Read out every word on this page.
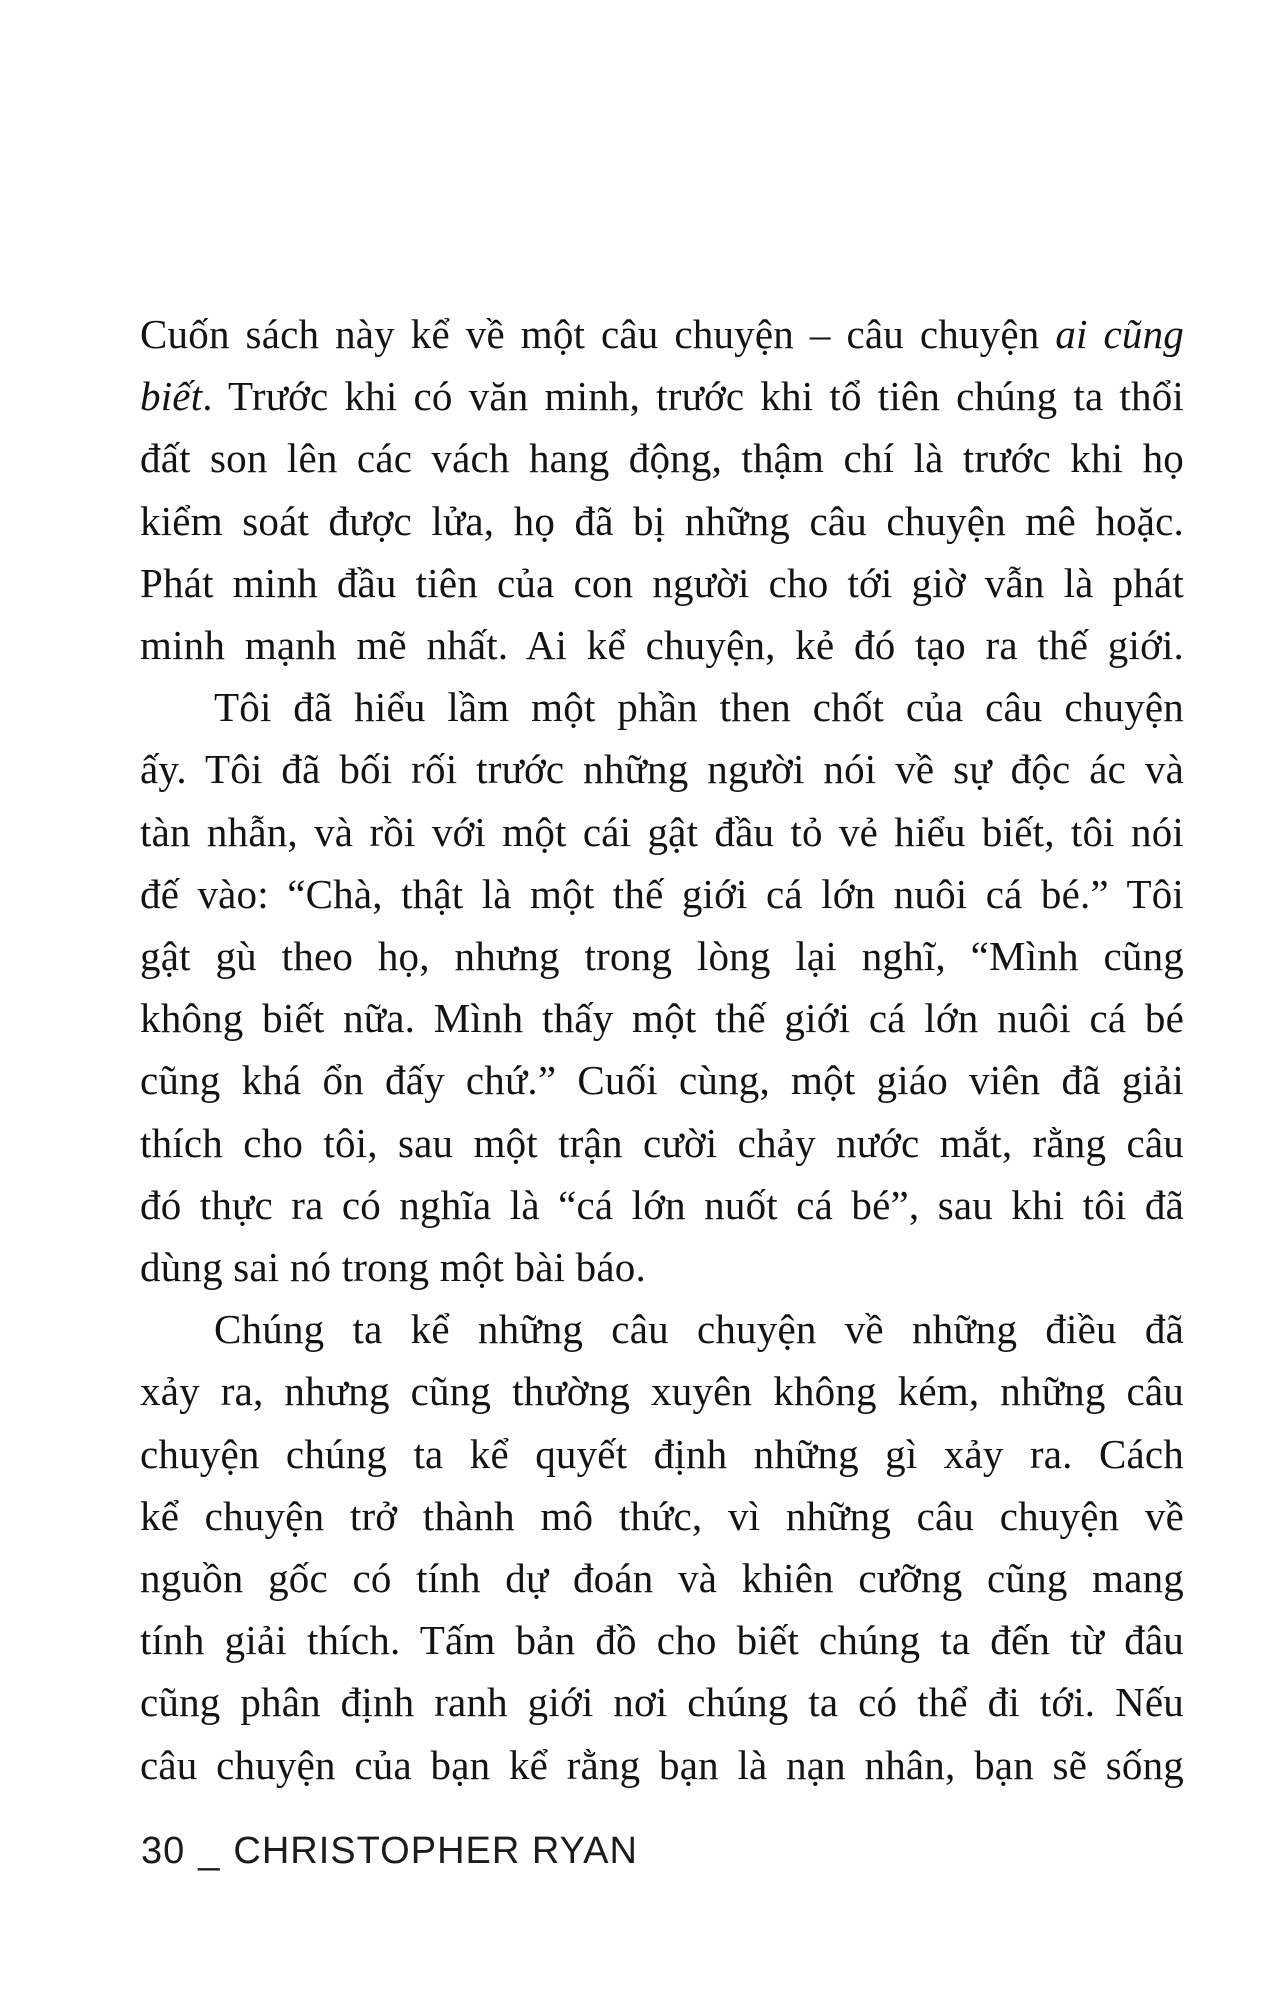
Cuốn sách này kể về một câu chuyện – câu chuyện ai cũng

biết. Trước khi có văn minh, trước khi tổ tiên chúng ta thổi

đất son lên các vách hang động, thậm chí là trước khi họ

kiểm soát được lửa, họ đã bị những câu chuyện mê hoặc.

Phát minh đầu tiên của con người cho tới giờ vẫn là phát

minh mạnh mẽ nhất. Ai kể chuyện, kẻ đó tạo ra thế giới.

Tôi đã hiểu lầm một phần then chốt của câu chuyện

ấy. Tôi đã bối rối trước những người nói về sự độc ác và

tàn nhẫn, và rồi với một cái gật đầu tỏ vẻ hiểu biết, tôi nói

đế vào: “Chà, thật là một thế giới cá lớn nuôi cá bé.” Tôi

gật gù theo họ, nhưng trong lòng lại nghĩ, “Mình cũng

không biết nữa. Mình thấy một thế giới cá lớn nuôi cá bé

cũng khá ổn đấy chứ.” Cuối cùng, một giáo viên đã giải

thích cho tôi, sau một trận cười chảy nước mắt, rằng câu

đó thực ra có nghĩa là “cá lớn nuốt cá bé”, sau khi tôi đã

dùng sai nó trong một bài báo.

Chúng ta kể những câu chuyện về những điều đã

xảy ra, nhưng cũng thường xuyên không kém, những câu

chuyện chúng ta kể quyết định những gì xảy ra. Cách

kể chuyện trở thành mô thức, vì những câu chuyện về

nguồn gốc có tính dự đoán và khiên cưỡng cũng mang

tính giải thích. Tấm bản đồ cho biết chúng ta đến từ đâu

cũng phân định ranh giới nơi chúng ta có thể đi tới. Nếu

câu chuyện của bạn kể rằng bạn là nạn nhân, bạn sẽ sống

30 _ CHRISTOPHER RYAN
